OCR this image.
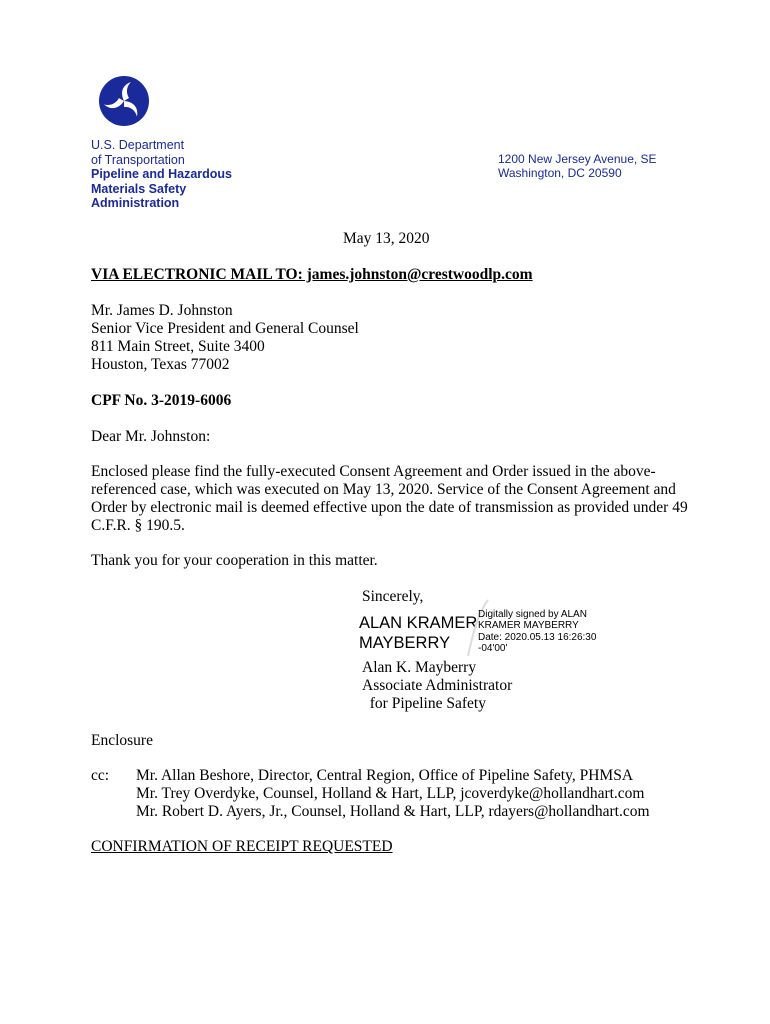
U.S. Department
of Transportation
Pipeline and Hazardous
Materials Safety
Administration
1200 New Jersey Avenue, SE
Washington, DC 20590
May 13, 2020
VIA ELECTRONIC MAIL TO: james.johnston@crestwoodlp.com
Mr. James D. Johnston
Senior Vice President and General Counsel
811 Main Street, Suite 3400
Houston, Texas 77002
CPF No. 3-2019-6006
Dear Mr. Johnston:
Enclosed please find the fully-executed Consent Agreement and Order issued in the above-
referenced case, which was executed on May 13, 2020. Service of the Consent Agreement and
Order by electronic mail is deemed effective upon the date of transmission as provided under 49
C.F.R. § 190.5.
Thank you for your cooperation in this matter.
Sincerely,
ALAN KRAMER
MAYBERRY
Digitally signed by ALAN
KRAMER MAYBERRY
Date: 2020.05.13 16:26:30
-04'00'
Alan K. Mayberry
Associate Administrator
for Pipeline Safety
Enclosure
cc: Mr. Allan Beshore, Director, Central Region, Office of Pipeline Safety, PHMSA
Mr. Trey Overdyke, Counsel, Holland & Hart, LLP, jcoverdyke@hollandhart.com
Mr. Robert D. Ayers, Jr., Counsel, Holland & Hart, LLP, rdayers@hollandhart.com
CONFIRMATION OF RECEIPT REQUESTED
